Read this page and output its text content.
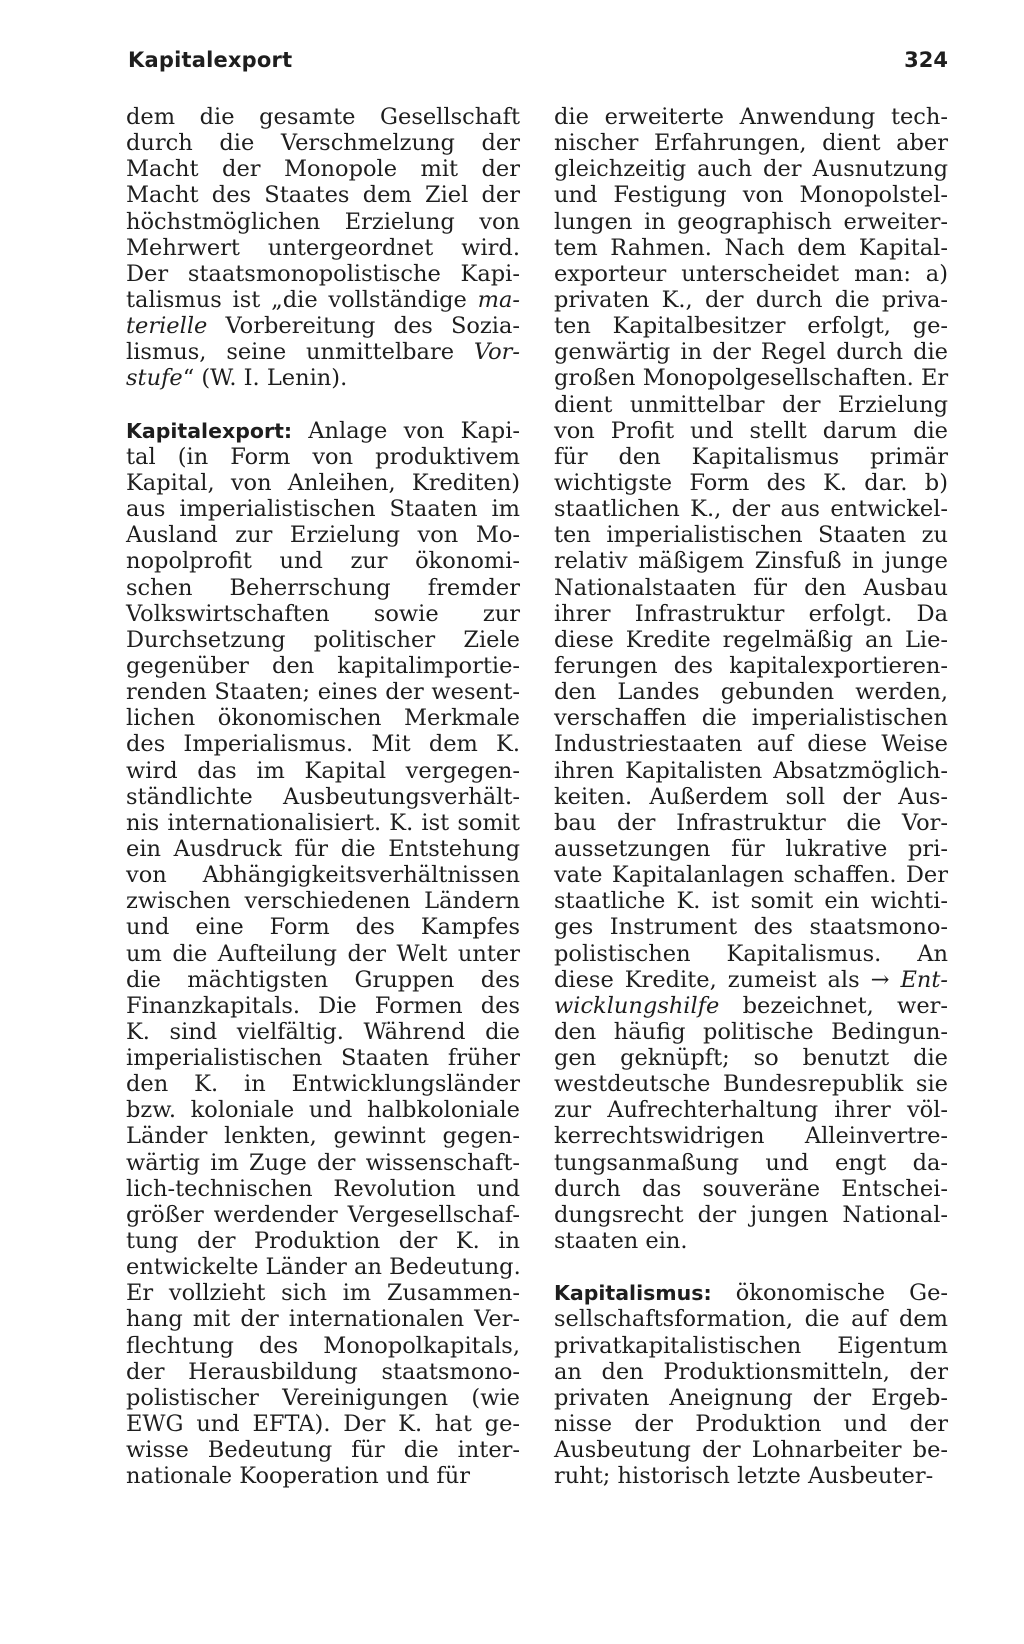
Kapitalexport	324
dem die gesamte Gesellschaft
durch die Verschmelzung der
Macht der Monopole mit der
Macht des Staates dem Ziel der
höchstmöglichen Erzielung von
Mehrwert untergeordnet wird.
Der staatsmonopolistische Kapi-
talismus ist „die vollständige ma-
terielle Vorbereitung des Sozia-
lismus, seine unmittelbare Vor-
stufe“ (W. I. Lenin).
Kapitalexport: Anlage von Kapi-
tal (in Form von produktivem
Kapital, von Anleihen, Krediten)
aus imperialistischen Staaten im
Ausland zur Erzielung von Mo-
nopolprofit und zur ökonomi-
schen Beherrschung fremder
Volkswirtschaften sowie zur
Durchsetzung politischer Ziele
gegenüber den kapitalimportie-
renden Staaten; eines der wesent-
lichen ökonomischen Merkmale
des Imperialismus. Mit dem K.
wird das im Kapital vergegen-
ständlichte Ausbeutungsverhält-
nis internationalisiert. K. ist somit
ein Ausdruck für die Entstehung
von Abhängigkeitsverhältnissen
zwischen verschiedenen Ländern
und eine Form des Kampfes
um die Aufteilung der Welt unter
die mächtigsten Gruppen des
Finanzkapitals. Die Formen des
K. sind vielfältig. Während die
imperialistischen Staaten früher
den K. in Entwicklungsländer
bzw. koloniale und halbkoloniale
Länder lenkten, gewinnt gegen-
wärtig im Zuge der wissenschaft-
lich-technischen Revolution und
größer werdender Vergesellschaf-
tung der Produktion der K. in
entwickelte Länder an Bedeutung.
Er vollzieht sich im Zusammen-
hang mit der internationalen Ver-
flechtung des Monopolkapitals,
der Herausbildung staatsmono-
polistischer Vereinigungen (wie
EWG und EFTA). Der K. hat ge-
wisse Bedeutung für die inter-
nationale Kooperation und für
die erweiterte Anwendung tech-
nischer Erfahrungen, dient aber
gleichzeitig auch der Ausnutzung
und Festigung von Monopolstel-
lungen in geographisch erweiter-
tem Rahmen. Nach dem Kapital-
exporteur unterscheidet man: a)
privaten K., der durch die priva-
ten Kapitalbesitzer erfolgt, ge-
genwärtig in der Regel durch die
großen Monopolgesellschaften. Er
dient unmittelbar der Erzielung
von Profit und stellt darum die
für den Kapitalismus primär
wichtigste Form des K. dar. b)
staatlichen K., der aus entwickel-
ten imperialistischen Staaten zu
relativ mäßigem Zinsfuß in junge
Nationalstaaten für den Ausbau
ihrer Infrastruktur erfolgt. Da
diese Kredite regelmäßig an Lie-
ferungen des kapitalexportieren-
den Landes gebunden werden,
verschaffen die imperialistischen
Industriestaaten auf diese Weise
ihren Kapitalisten Absatzmöglich-
keiten. Außerdem soll der Aus-
bau der Infrastruktur die Vor-
aussetzungen für lukrative pri-
vate Kapitalanlagen schaffen. Der
staatliche K. ist somit ein wichti-
ges Instrument des staatsmono-
polistischen Kapitalismus. An
diese Kredite, zumeist als → Ent-
wicklungshilfe bezeichnet, wer-
den häufig politische Bedingun-
gen geknüpft; so benutzt die
westdeutsche Bundesrepublik sie
zur Aufrechterhaltung ihrer völ-
kerrechtswidrigen Alleinvertre-
tungsanmaßung und engt da-
durch das souveräne Entschei-
dungsrecht der jungen National-
staaten ein.
Kapitalismus: ökonomische Ge-
sellschaftsformation, die auf dem
privatkapitalistischen Eigentum
an den Produktionsmitteln, der
privaten Aneignung der Ergeb-
nisse der Produktion und der
Ausbeutung der Lohnarbeiter be-
ruht; historisch letzte Ausbeuter-
